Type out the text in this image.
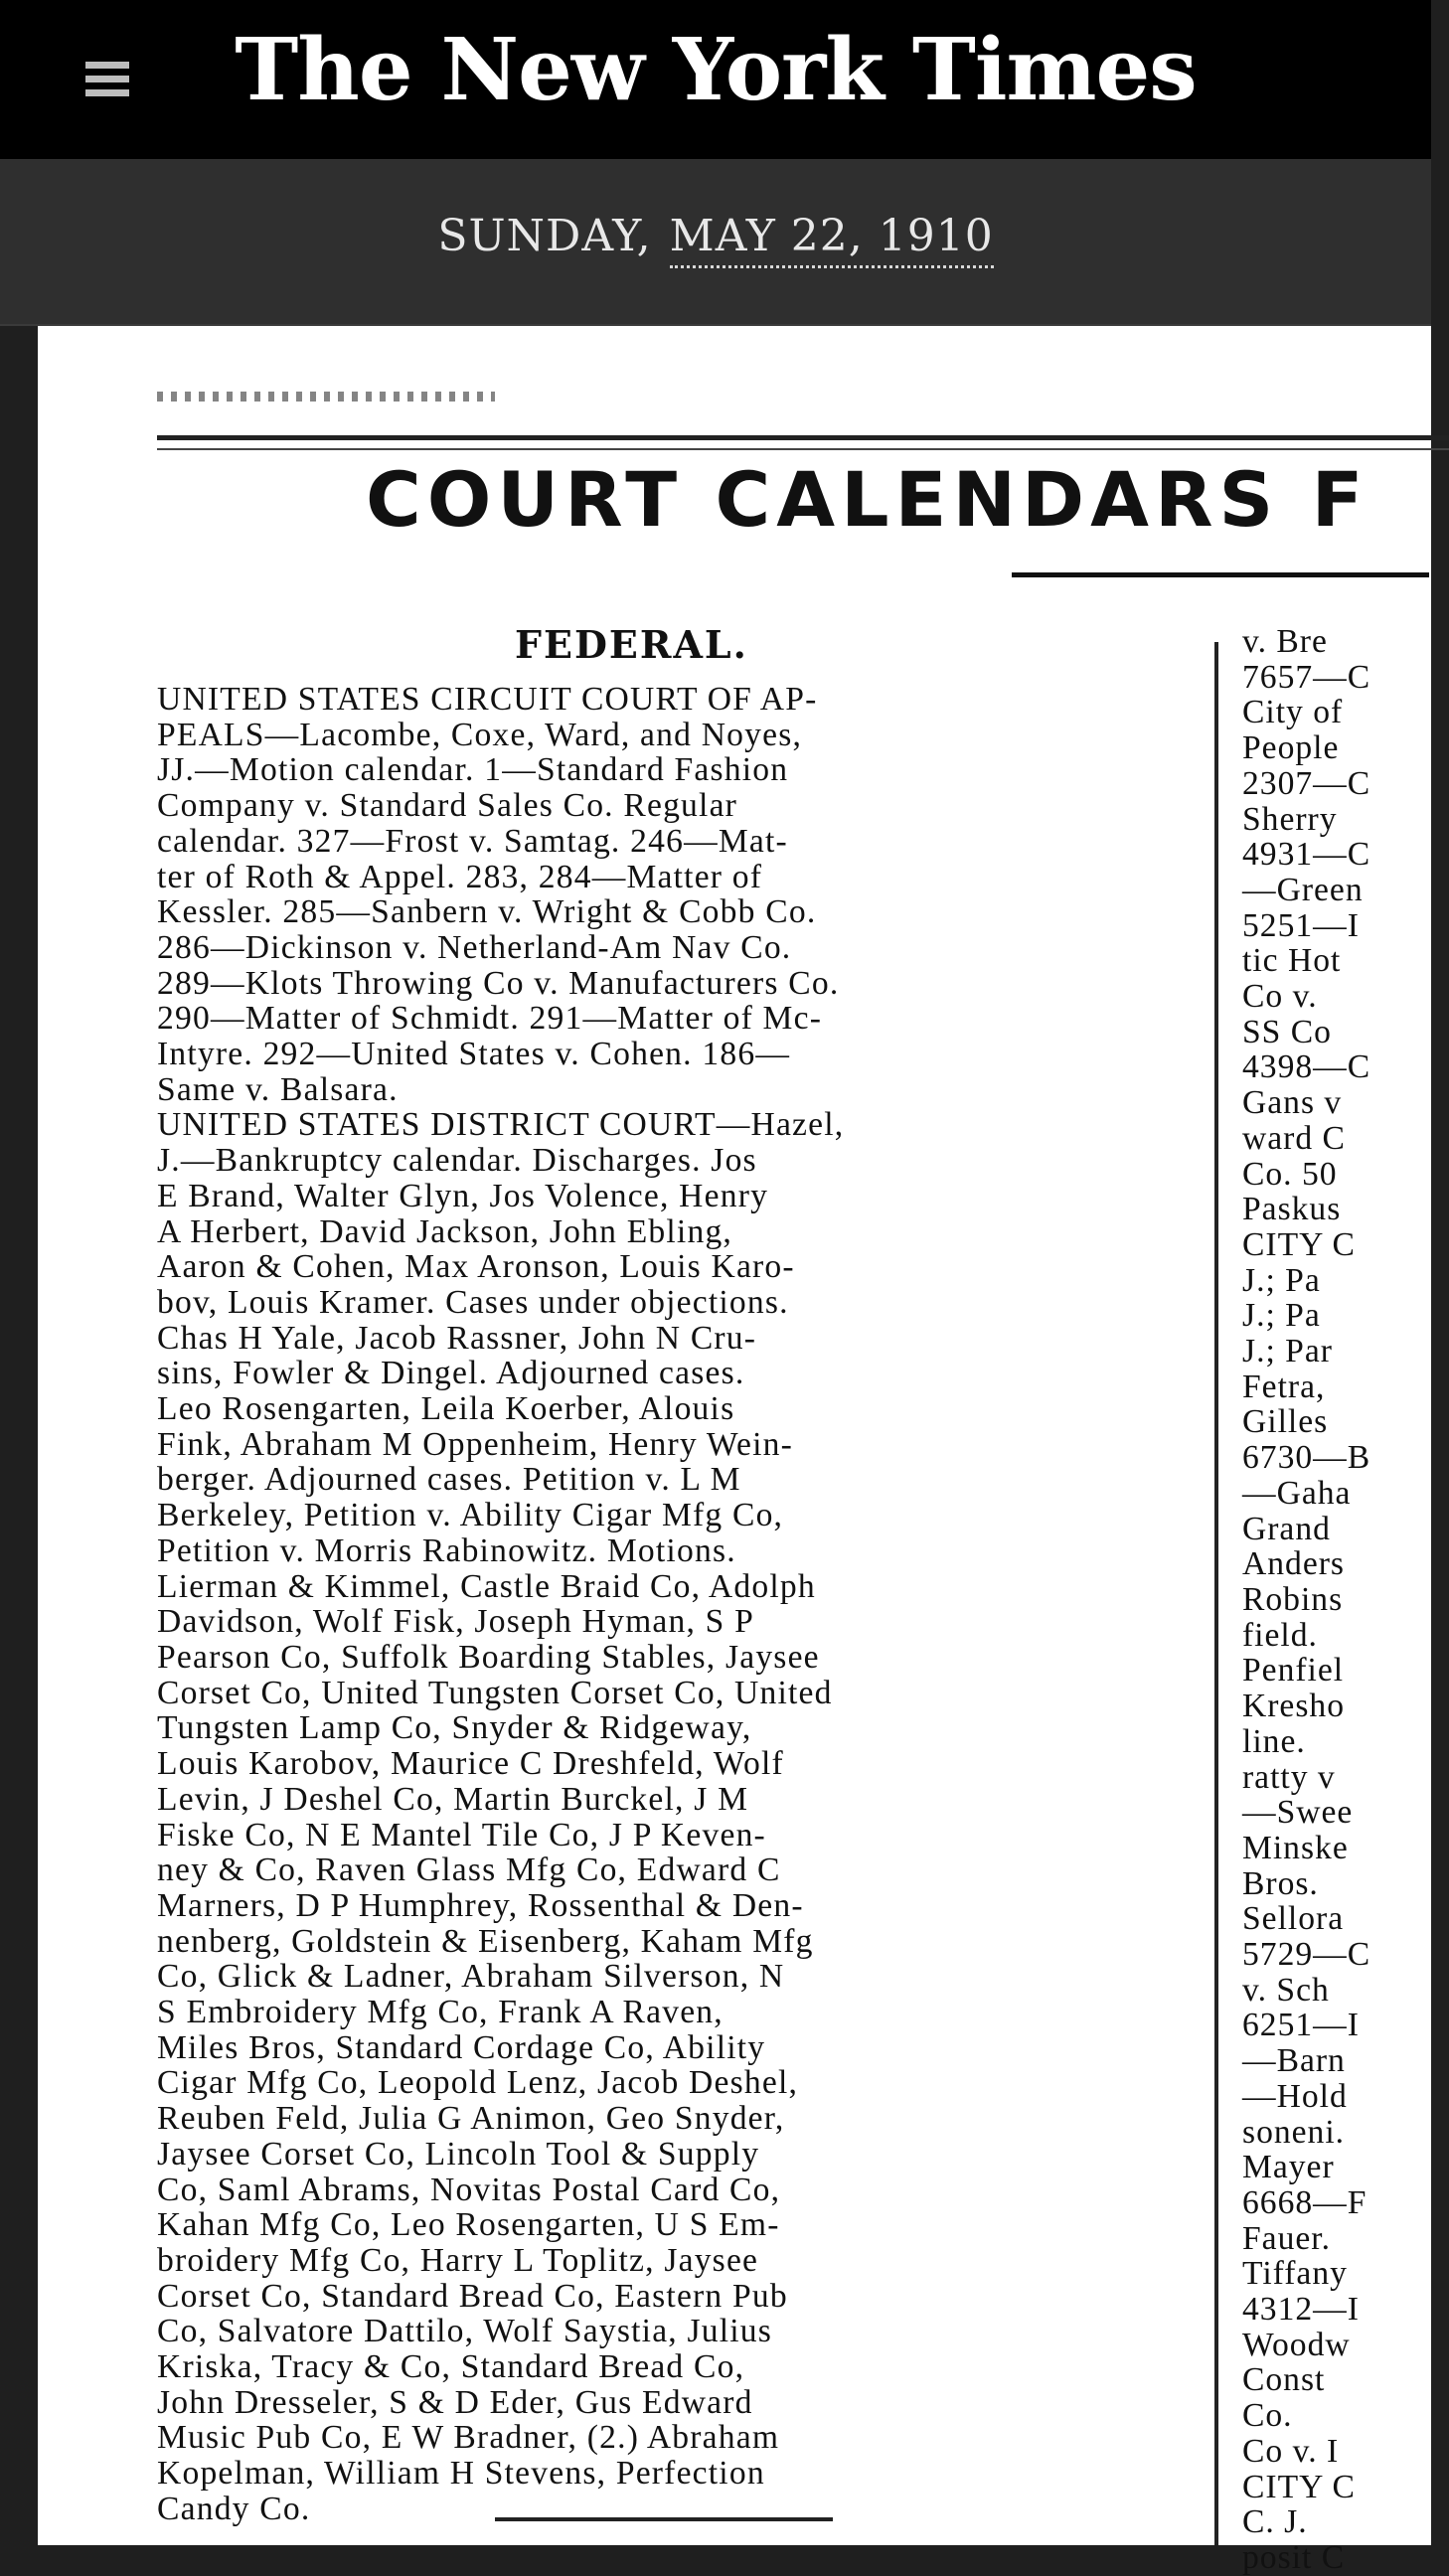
The New York Times
SUNDAY, MAY 22, 1910
COURT CALENDARS F
FEDERAL.
UNITED STATES CIRCUIT COURT OF AP-
PEALS—Lacombe, Coxe, Ward, and Noyes,
JJ.—Motion calendar. 1—Standard Fashion
Company v. Standard Sales Co. Regular
calendar. 327—Frost v. Samtag. 246—Mat-
ter of Roth & Appel. 283, 284—Matter of
Kessler. 285—Sanbern v. Wright & Cobb Co.
286—Dickinson v. Netherland-Am Nav Co.
289—Klots Throwing Co v. Manufacturers Co.
290—Matter of Schmidt. 291—Matter of Mc-
Intyre. 292—United States v. Cohen. 186—
Same v. Balsara.
UNITED STATES DISTRICT COURT—Hazel,
J.—Bankruptcy calendar. Discharges. Jos
E Brand, Walter Glyn, Jos Volence, Henry
A Herbert, David Jackson, John Ebling,
Aaron & Cohen, Max Aronson, Louis Karo-
bov, Louis Kramer. Cases under objections.
Chas H Yale, Jacob Rassner, John N Cru-
sins, Fowler & Dingel. Adjourned cases.
Leo Rosengarten, Leila Koerber, Alouis
Fink, Abraham M Oppenheim, Henry Wein-
berger. Adjourned cases. Petition v. L M
Berkeley, Petition v. Ability Cigar Mfg Co,
Petition v. Morris Rabinowitz. Motions.
Lierman & Kimmel, Castle Braid Co, Adolph
Davidson, Wolf Fisk, Joseph Hyman, S P
Pearson Co, Suffolk Boarding Stables, Jaysee
Corset Co, United Tungsten Corset Co, United
Tungsten Lamp Co, Snyder & Ridgeway,
Louis Karobov, Maurice C Dreshfeld, Wolf
Levin, J Deshel Co, Martin Burckel, J M
Fiske Co, N E Mantel Tile Co, J P Keven-
ney & Co, Raven Glass Mfg Co, Edward C
Marners, D P Humphrey, Rossenthal & Den-
nenberg, Goldstein & Eisenberg, Kaham Mfg
Co, Glick & Ladner, Abraham Silverson, N
S Embroidery Mfg Co, Frank A Raven,
Miles Bros, Standard Cordage Co, Ability
Cigar Mfg Co, Leopold Lenz, Jacob Deshel,
Reuben Feld, Julia G Animon, Geo Snyder,
Jaysee Corset Co, Lincoln Tool & Supply
Co, Saml Abrams, Novitas Postal Card Co,
Kahan Mfg Co, Leo Rosengarten, U S Em-
broidery Mfg Co, Harry L Toplitz, Jaysee
Corset Co, Standard Bread Co, Eastern Pub
Co, Salvatore Dattilo, Wolf Saystia, Julius
Kriska, Tracy & Co, Standard Bread Co,
John Dresseler, S & D Eder, Gus Edward
Music Pub Co, E W Bradner, (2.) Abraham
Kopelman, William H Stevens, Perfection
Candy Co.
v. Bre
7657—C
City of
People
2307—C
Sherry
4931—C
—Green
5251—I
tic Hot
Co v.
SS Co
4398—C
Gans v
ward C
Co. 50
Paskus
CITY C
J.; Pa
J.; Pa
J.; Par
Fetra,
Gilles
6730—B
—Gaha
Grand
Anders
Robins
field.
Penfiel
Kresho
line.
ratty v
—Swee
Minske
Bros.
Sellora
5729—C
v. Sch
6251—I
—Barn
—Hold
soneni.
Mayer
6668—F
Fauer.
Tiffany
4312—I
Woodw
Const
Co.
Co v. I
CITY C
C. J.
posit C
